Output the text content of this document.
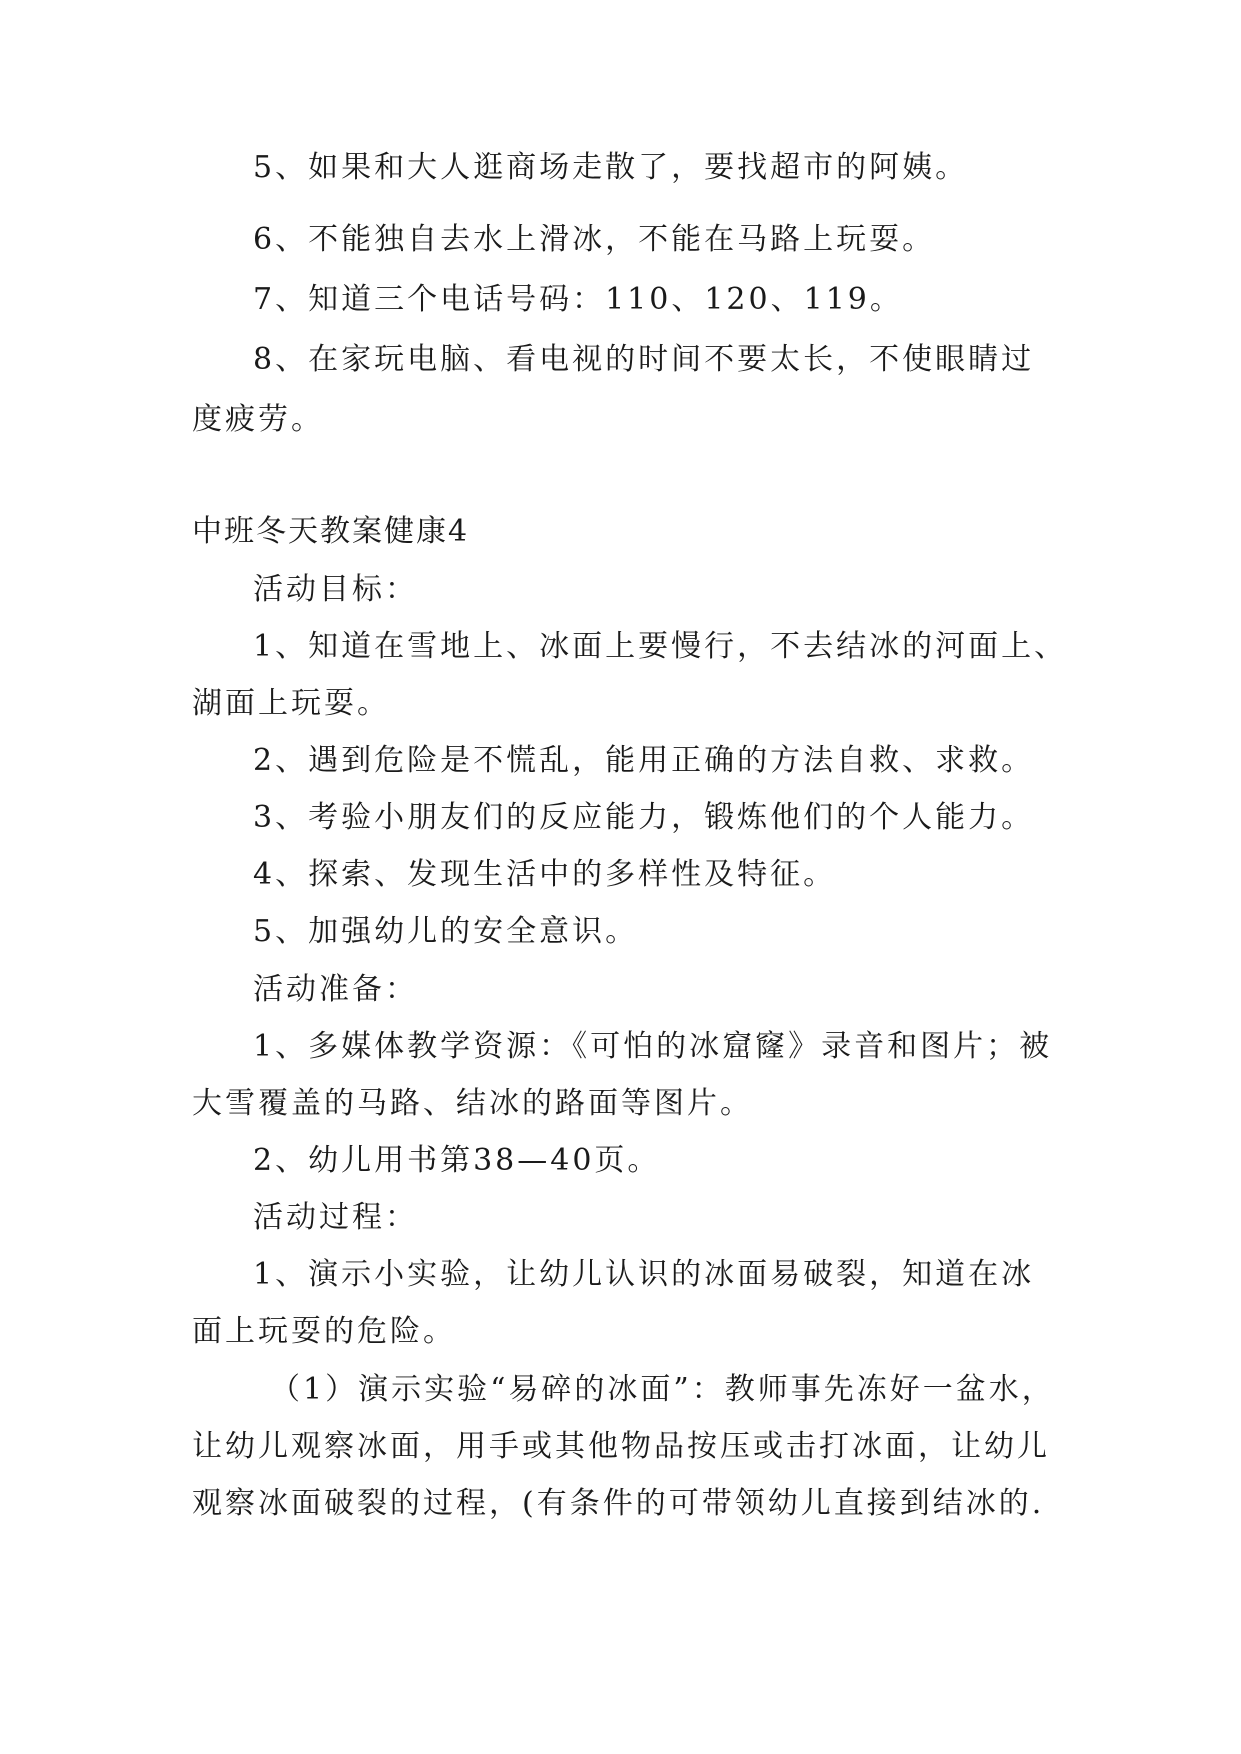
5、如果和大人逛商场走散了，要找超市的阿姨。
6、不能独自去水上滑冰，不能在马路上玩耍。
7、知道三个电话号码：110、120、119。
8、在家玩电脑、看电视的时间不要太长，不使眼睛过
度疲劳。
中班冬天教案健康4
活动目标：
1、知道在雪地上、冰面上要慢行，不去结冰的河面上、
湖面上玩耍。
2、遇到危险是不慌乱，能用正确的方法自救、求救。
3、考验小朋友们的反应能力，锻炼他们的个人能力。
4、探索、发现生活中的多样性及特征。
5、加强幼儿的安全意识。
活动准备：
1、多媒体教学资源：《可怕的冰窟窿》录音和图片；被
大雪覆盖的马路、结冰的路面等图片。
2、幼儿用书第38—40页。
活动过程：
1、演示小实验，让幼儿认识的冰面易破裂，知道在冰
面上玩耍的危险。
（1）演示实验“易碎的冰面”：教师事先冻好一盆水，
让幼儿观察冰面，用手或其他物品按压或击打冰面，让幼儿
观察冰面破裂的过程，(有条件的可带领幼儿直接到结冰的.
